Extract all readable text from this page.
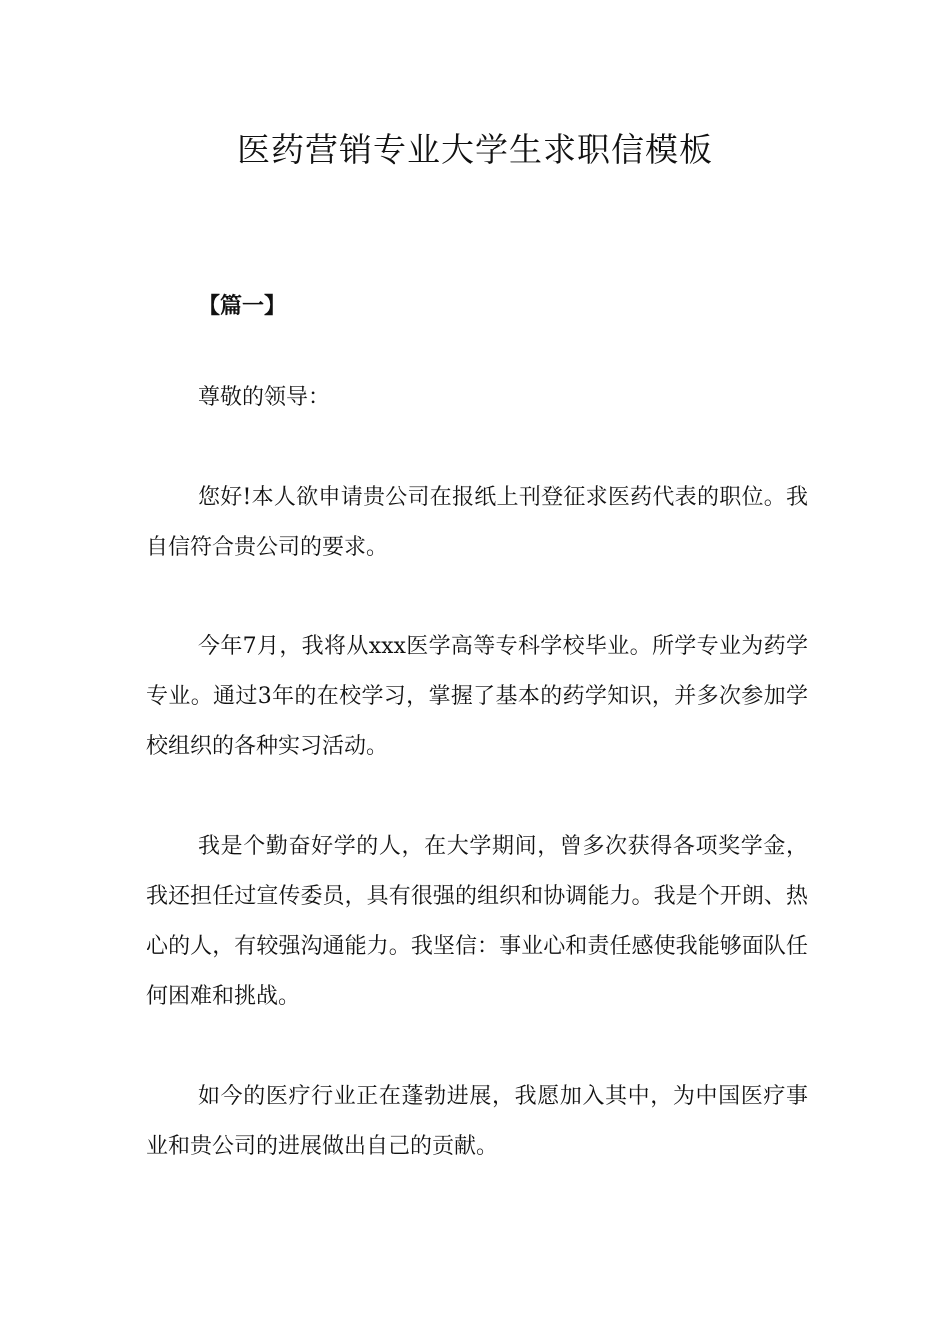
医药营销专业大学生求职信模板

【篇一】

尊敬的领导：

您好!本人欲申请贵公司在报纸上刊登征求医药代表的职位。我自信符合贵公司的要求。

今年7月，我将从xxx医学高等专科学校毕业。所学专业为药学专业。通过3年的在校学习，掌握了基本的药学知识，并多次参加学校组织的各种实习活动。

我是个勤奋好学的人，在大学期间，曾多次获得各项奖学金，我还担任过宣传委员，具有很强的组织和协调能力。我是个开朗、热心的人，有较强沟通能力。我坚信：事业心和责任感使我能够面队任何困难和挑战。

如今的医疗行业正在蓬勃进展，我愿加入其中，为中国医疗事业和贵公司的进展做出自己的贡献。
